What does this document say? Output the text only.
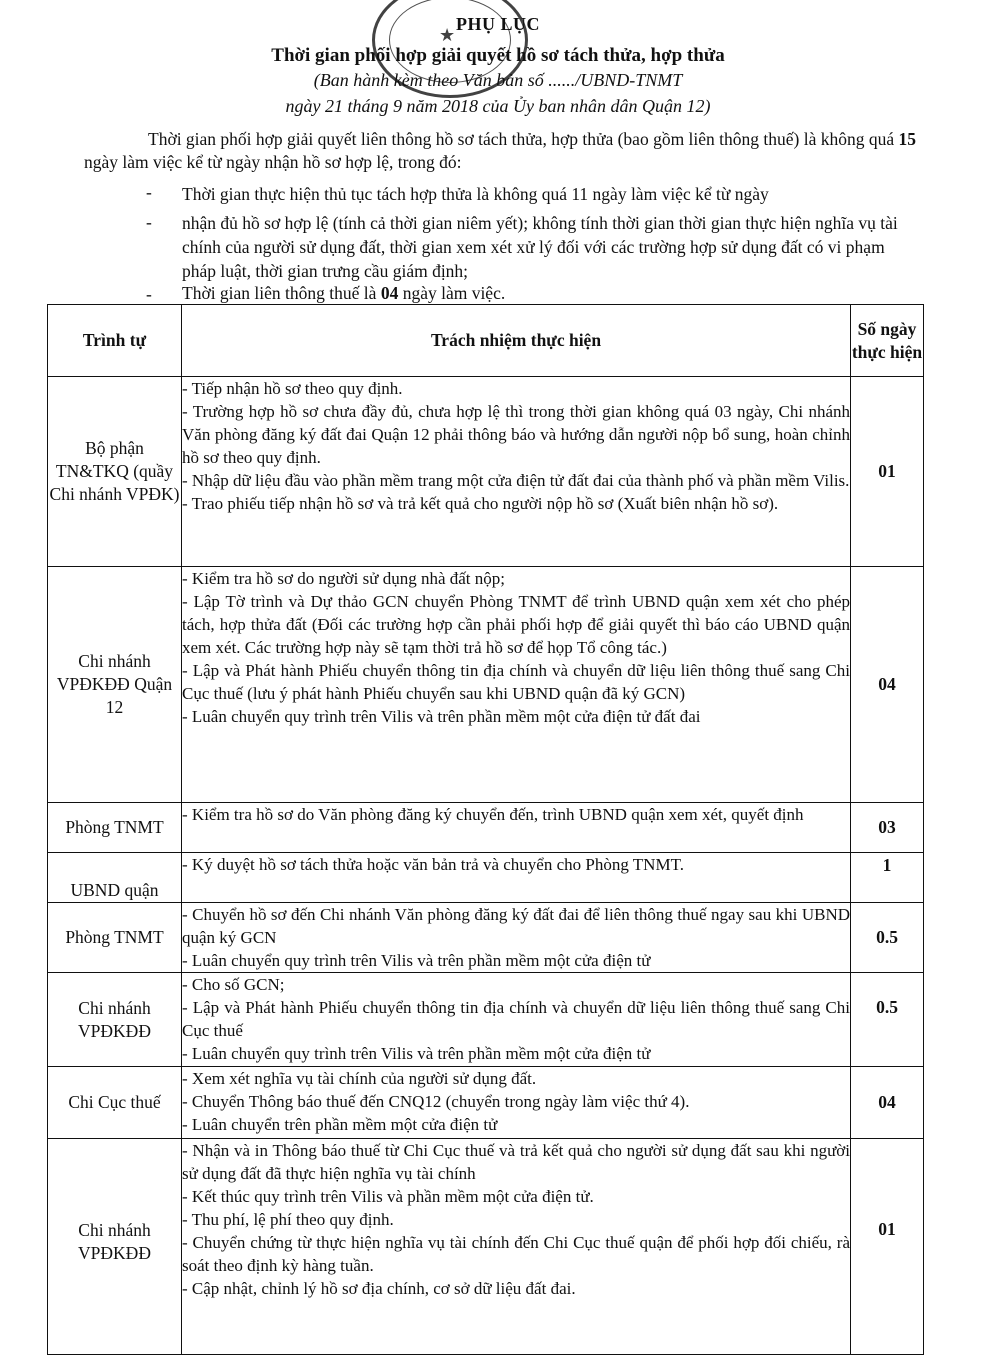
★
PHỤ LỤC
Thời gian phối hợp giải quyết hồ sơ tách thửa, hợp thửa
(Ban hành kèm theo Văn bản số ....../UBND-TNMT
ngày 21 tháng 9 năm 2018 của Ủy ban nhân dân Quận 12)
Thời gian phối hợp giải quyết liên thông hồ sơ tách thửa, hợp thửa (bao gồm liên thông thuế) là không quá 15 ngày làm việc kể từ ngày nhận hồ sơ hợp lệ, trong đó:
- Thời gian thực hiện thủ tục tách hợp thửa là không quá 11 ngày làm việc kể từ ngày
- nhận đủ hồ sơ hợp lệ (tính cả thời gian niêm yết); không tính thời gian thời gian thực hiện nghĩa vụ tài chính của người sử dụng đất, thời gian xem xét xử lý đối với các trường hợp sử dụng đất có vi phạm pháp luật, thời gian trưng cầu giám định;
- Thời gian liên thông thuế là 04 ngày làm việc.
Trình tự	Trách nhiệm thực hiện	Số ngày thực hiện
Bộ phận TN&TKQ (quầy Chi nhánh VPĐK)	- Tiếp nhận hồ sơ theo quy định.
- Trường hợp hồ sơ chưa đầy đủ, chưa hợp lệ thì trong thời gian không quá 03 ngày, Chi nhánh Văn phòng đăng ký đất đai Quận 12 phải thông báo và hướng dẫn người nộp bổ sung, hoàn chỉnh hồ sơ theo quy định.
- Nhập dữ liệu đầu vào phần mềm trang một cửa điện tử đất đai của thành phố và phần mềm Vilis.
- Trao phiếu tiếp nhận hồ sơ và trả kết quả cho người nộp hồ sơ (Xuất biên nhận hồ sơ).	01
Chi nhánh VPĐKĐĐ Quận 12	- Kiểm tra hồ sơ do người sử dụng nhà đất nộp;
- Lập Tờ trình và Dự thảo GCN chuyển Phòng TNMT để trình UBND quận xem xét cho phép tách, hợp thửa đất (Đối các trường hợp cần phải phối hợp để giải quyết thì báo cáo UBND quận xem xét. Các trường hợp này sẽ tạm thời trả hồ sơ để họp Tổ công tác.)
- Lập và Phát hành Phiếu chuyển thông tin địa chính và chuyển dữ liệu liên thông thuế sang Chi Cục thuế (lưu ý phát hành Phiếu chuyển sau khi UBND quận đã ký GCN)
- Luân chuyển quy trình trên Vilis và trên phần mềm một cửa điện tử đất đai	04
Phòng TNMT	- Kiểm tra hồ sơ do Văn phòng đăng ký chuyển đến, trình UBND quận xem xét, quyết định	03
UBND quận	- Ký duyệt hồ sơ tách thửa hoặc văn bản trả và chuyển cho Phòng TNMT.	1
Phòng TNMT	- Chuyển hồ sơ đến Chi nhánh Văn phòng đăng ký đất đai để liên thông thuế ngay sau khi UBND quận ký GCN
- Luân chuyển quy trình trên Vilis và trên phần mềm một cửa điện tử	0.5
Chi nhánh VPĐKĐĐ	- Cho số GCN;
- Lập và Phát hành Phiếu chuyển thông tin địa chính và chuyển dữ liệu liên thông thuế sang Chi Cục thuế
- Luân chuyển quy trình trên Vilis và trên phần mềm một cửa điện tử	0.5
Chi Cục thuế	- Xem xét nghĩa vụ tài chính của người sử dụng đất.
- Chuyển Thông báo thuế đến CNQ12 (chuyển trong ngày làm việc thứ 4).
- Luân chuyển trên phần mềm một cửa điện tử	04
Chi nhánh VPĐKĐĐ	- Nhận và in Thông báo thuế từ Chi Cục thuế và trả kết quả cho người sử dụng đất sau khi người sử dụng đất đã thực hiện nghĩa vụ tài chính
- Kết thúc quy trình trên Vilis và phần mềm một cửa điện tử.
- Thu phí, lệ phí theo quy định.
- Chuyển chứng từ thực hiện nghĩa vụ tài chính đến Chi Cục thuế quận để phối hợp đối chiếu, rà soát theo định kỳ hàng tuần.
- Cập nhật, chỉnh lý hồ sơ địa chính, cơ sở dữ liệu đất đai.	01
